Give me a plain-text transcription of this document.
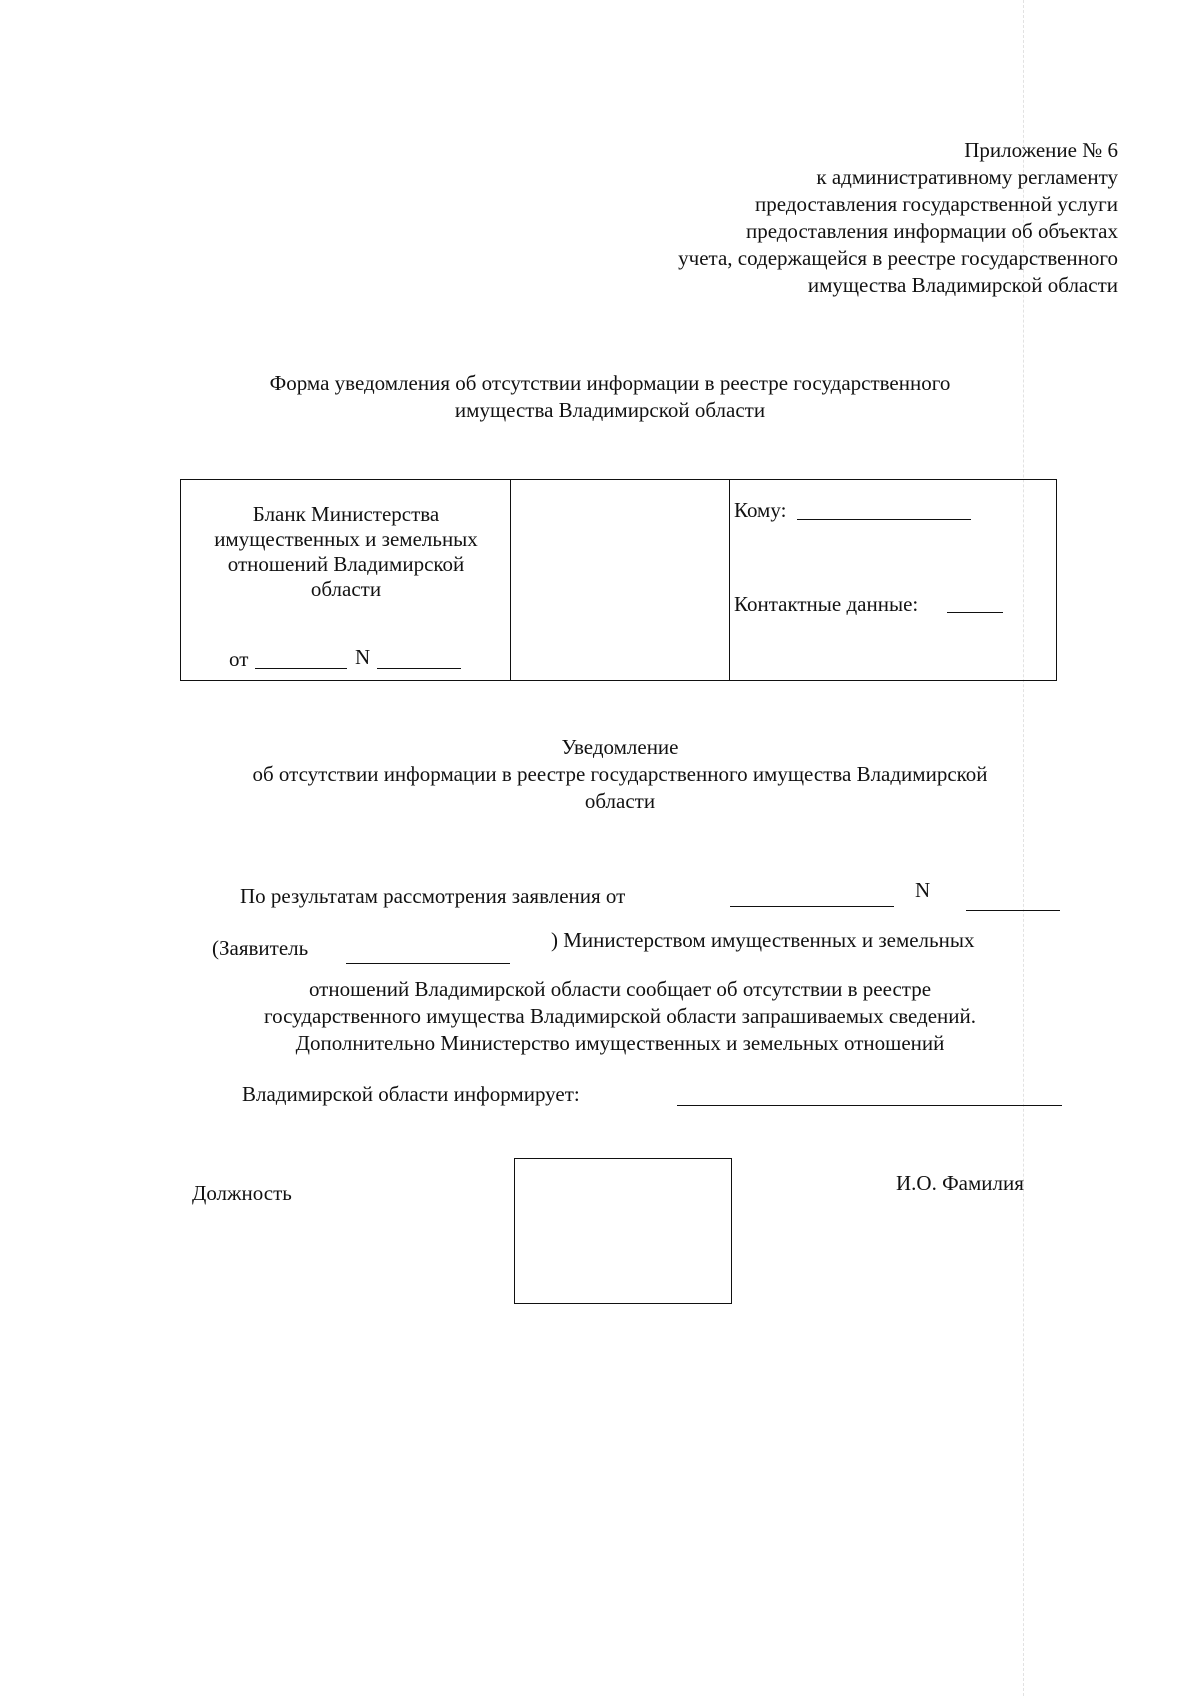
Приложение № 6
к административному регламенту
предоставления государственной услуги
предоставления информации об объектах
учета, содержащейся в реестре государственного
имущества Владимирской области
Форма уведомления об отсутствии информации в реестре государственного
имущества Владимирской области
Бланк Министерства
имущественных и земельных
отношений Владимирской
области
от	N
Кому:
Контактные данные:
Уведомление
об отсутствии информации в реестре государственного имущества Владимирской
области
По результатам рассмотрения заявления от	N
(Заявитель	) Министерством имущественных и земельных
отношений Владимирской области сообщает об отсутствии в реестре
государственного имущества Владимирской области запрашиваемых сведений.
Дополнительно Министерство имущественных и земельных отношений
Владимирской области информирует:
Должность	И.О. Фамилия
